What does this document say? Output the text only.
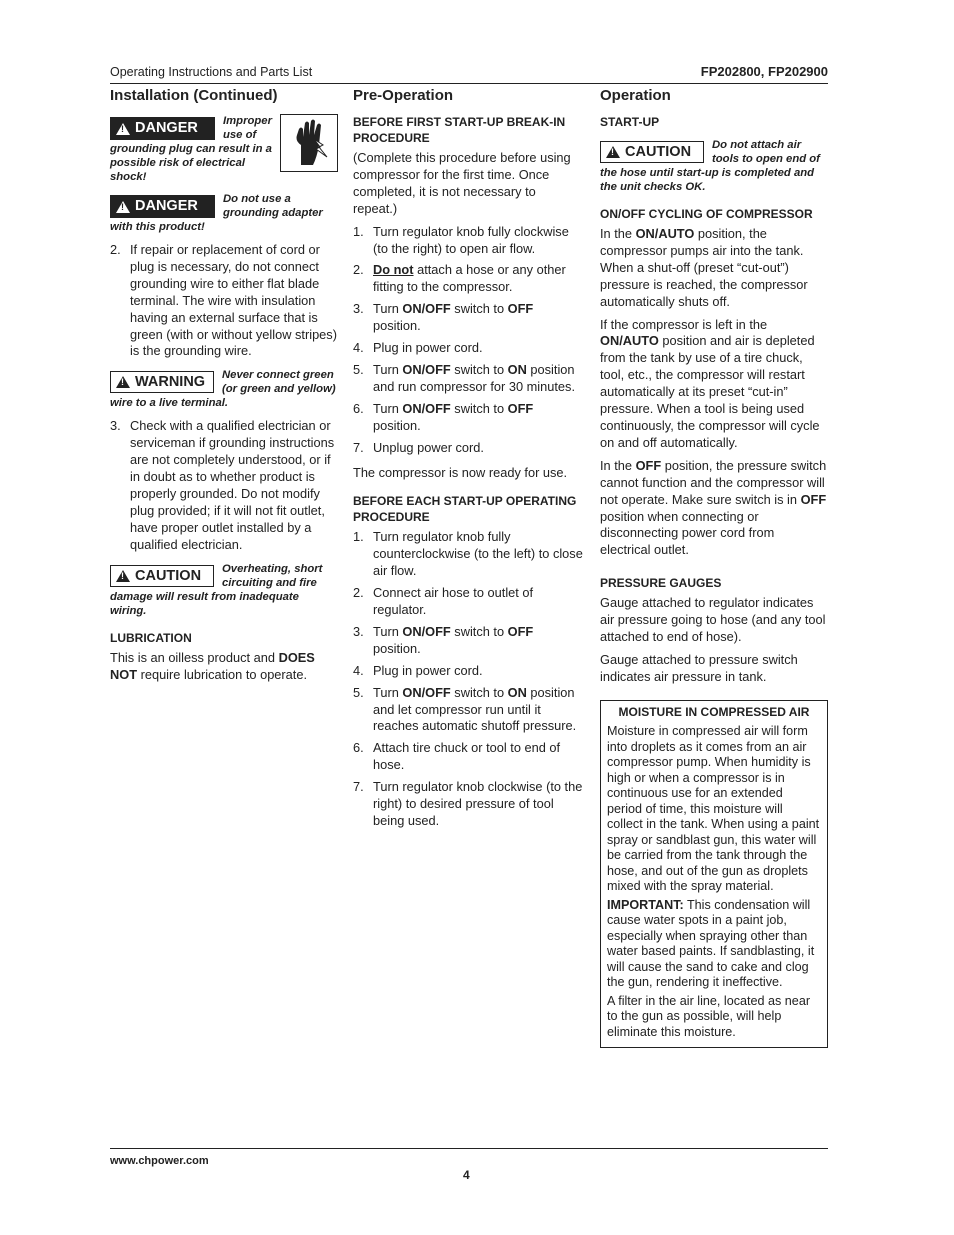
Operating Instructions and Parts List	FP202800, FP202900
Installation (Continued)
!
DANGER Improper use of grounding plug can result in a possible risk of electrical shock!
!
DANGER Do not use a grounding adapter with this product!
2. If repair or replacement of cord or plug is necessary, do not connect grounding wire to either flat blade terminal. The wire with insulation having an external surface that is green (with or without yellow stripes) is the grounding wire.
!
WARNING Never connect green (or green and yellow) wire to a live terminal.
3. Check with a qualified electrician or serviceman if grounding instructions are not completely understood, or if in doubt as to whether product is properly grounded. Do not modify plug provided; if it will not fit outlet, have proper outlet installed by a qualified electrician.
!
CAUTION Overheating, short circuiting and fire damage will result from inadequate wiring.
LUBRICATION

This is an oilless product and DOES NOT require lubrication to operate.

Pre-Operation
BEFORE FIRST START-UP BREAK-IN PROCEDURE

(Complete this procedure before using compressor for the first time. Once completed, it is not necessary to repeat.)

1. Turn regulator knob fully clockwise (to the right) to open air flow.
2. Do not attach a hose or any other fitting to the compressor.
3. Turn ON/OFF switch to OFF position.
4. Plug in power cord.
5. Turn ON/OFF switch to ON position and run compressor for 30 minutes.
6. Turn ON/OFF switch to OFF position.
7. Unplug power cord.

The compressor is now ready for use.

BEFORE EACH START-UP OPERATING PROCEDURE
1. Turn regulator knob fully counterclockwise (to the left) to close air flow.
2. Connect air hose to outlet of regulator.
3. Turn ON/OFF switch to OFF position.
4. Plug in power cord.
5. Turn ON/OFF switch to ON position and let compressor run until it reaches automatic shutoff pressure.
6. Attach tire chuck or tool to end of hose.
7. Turn regulator knob clockwise (to the right) to desired pressure of tool being used.
Operation
START-UP
!
CAUTION Do not attach air tools to open end of the hose until start-up is completed and the unit checks OK.
ON/OFF CYCLING OF COMPRESSOR

In the ON/AUTO position, the compressor pumps air into the tank. When a shut-off (preset “cut-out”) pressure is reached, the compressor automatically shuts off.

If the compressor is left in the ON/AUTO position and air is depleted from the tank by use of a tire chuck, tool, etc., the compressor will restart automatically at its preset “cut-in” pressure. When a tool is being used continuously, the compressor will cycle on and off automatically.

In the OFF position, the pressure switch cannot function and the compressor will not operate. Make sure switch is in OFF position when connecting or disconnecting power cord from electrical outlet.

PRESSURE GAUGES

Gauge attached to regulator indicates air pressure going to hose (and any tool attached to end of hose).

Gauge attached to pressure switch indicates air pressure in tank.

MOISTURE IN COMPRESSED AIR

Moisture in compressed air will form into droplets as it comes from an air compressor pump. When humidity is high or when a compressor is in continuous use for an extended period of time, this moisture will collect in the tank. When using a paint spray or sandblast gun, this water will be carried from the tank through the hose, and out of the gun as droplets mixed with the spray material.

IMPORTANT: This condensation will cause water spots in a paint job, especially when spraying other than water based paints. If sandblasting, it will cause the sand to cake and clog the gun, rendering it ineffective.

A filter in the air line, located as near to the gun as possible, will help eliminate this moisture.

www.chpower.com
4
